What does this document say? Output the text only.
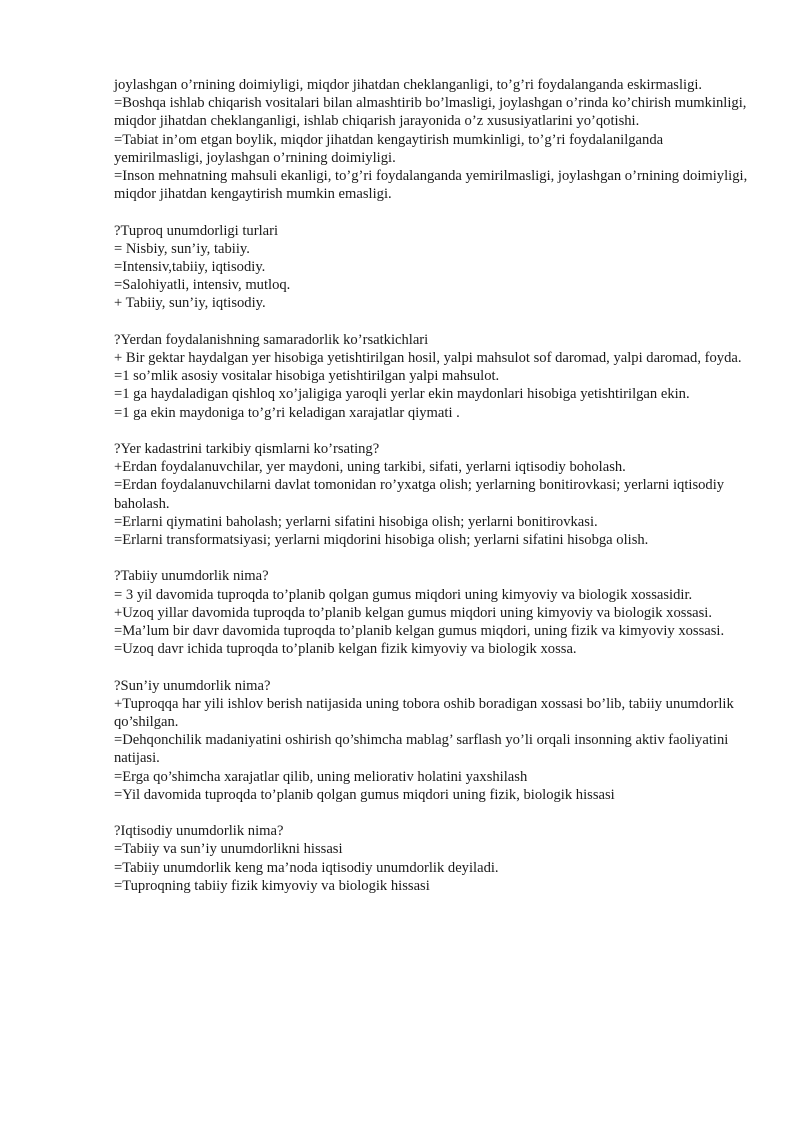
joylashgan o’rnining doimiyligi, miqdor jihatdan cheklanganligi, to’g’ri foydalanganda eskirmasligi.
=Boshqa ishlab chiqarish vositalari bilan almashtirib bo’lmasligi, joylashgan o’rinda ko’chirish mumkinligi, miqdor jihatdan cheklanganligi, ishlab chiqarish jarayonida o’z xususiyatlarini yo’qotishi.
=Tabiat in’om etgan boylik, miqdor jihatdan kengaytirish mumkinligi, to’g’ri foydalanilganda yemirilmasligi, joylashgan o’rnining doimiyligi.
=Inson mehnatning mahsuli ekanligi, to’g’ri foydalanganda yemirilmasligi, joylashgan o’rnining doimiyligi, miqdor jihatdan kengaytirish mumkin emasligi.
?Tuproq unumdorligi turlari
= Nisbiy, sun’iy, tabiiy.
=Intensiv,tabiiy, iqtisodiy.
=Salohiyatli, intensiv, mutloq.
+ Tabiiy, sun’iy, iqtisodiy.
?Yerdan foydalanishning samaradorlik ko’rsatkichlari
+ Bir gektar haydalgan yer hisobiga yetishtirilgan hosil, yalpi mahsulot sof daromad, yalpi daromad, foyda.
=1 so’mlik asosiy vositalar hisobiga yetishtirilgan yalpi mahsulot.
=1 ga haydaladigan qishloq xo’jaligiga yaroqli yerlar ekin maydonlari hisobiga yetishtirilgan ekin.
=1 ga ekin maydoniga to’g’ri keladigan xarajatlar qiymati .
?Yer kadastrini tarkibiy qismlarni ko’rsating?
+Erdan foydalanuvchilar, yer maydoni, uning tarkibi, sifati, yerlarni iqtisodiy boholash.
=Erdan foydalanuvchilarni davlat tomonidan ro’yxatga olish; yerlarning bonitirovkasi; yerlarni iqtisodiy baholash.
=Erlarni qiymatini baholash; yerlarni sifatini hisobiga olish; yerlarni bonitirovkasi.
=Erlarni transformatsiyasi; yerlarni miqdorini hisobiga olish; yerlarni sifatini hisobga olish.
?Tabiiy unumdorlik nima?
= 3 yil davomida tuproqda to’planib qolgan gumus miqdori uning kimyoviy va biologik xossasidir.
+Uzoq yillar davomida tuproqda to’planib kelgan gumus miqdori uning kimyoviy va biologik xossasi.
=Ma’lum bir davr davomida tuproqda to’planib kelgan gumus miqdori, uning fizik va kimyoviy xossasi.
=Uzoq davr ichida tuproqda to’planib kelgan fizik kimyoviy va biologik xossa.
?Sun’iy unumdorlik nima?
+Tuproqqa har yili ishlov berish natijasida uning tobora oshib boradigan xossasi bo’lib, tabiiy unumdorlik qo’shilgan.
=Dehqonchilik madaniyatini oshirish qo’shimcha mablag’ sarflash yo’li orqali insonning aktiv faoliyatini natijasi.
=Erga qo’shimcha xarajatlar qilib, uning meliorativ holatini yaxshilash
=Yil davomida tuproqda to’planib qolgan gumus miqdori uning fizik, biologik hissasi
?Iqtisodiy unumdorlik nima?
=Tabiiy va sun’iy unumdorlikni hissasi
=Tabiiy unumdorlik keng ma’noda iqtisodiy unumdorlik deyiladi.
=Tuproqning tabiiy fizik kimyoviy va biologik hissasi
